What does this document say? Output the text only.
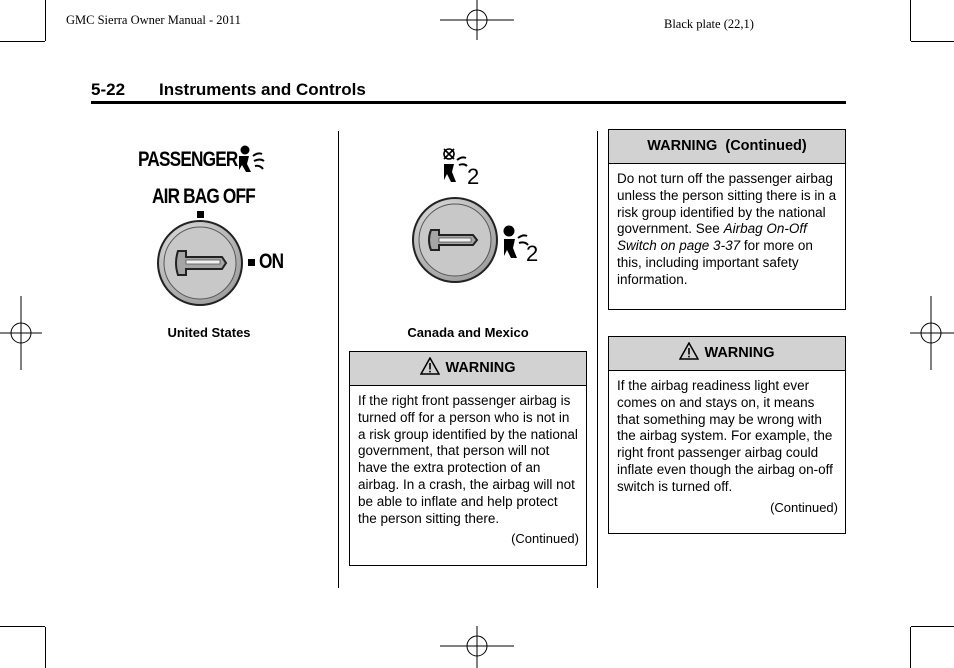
GMC Sierra Owner Manual - 2011	Black plate (22,1)
5-22 Instruments and Controls
PASSENGER
AIR BAG OFF
ON
United States
2
2
Canada and Mexico
WARNING
If the right front passenger airbag is turned off for a person who is not in a risk group identified by the national government, that person will not have the extra protection of an airbag. In a crash, the airbag will not be able to inflate and help protect the person sitting there.
(Continued)
WARNING  (Continued)
Do not turn off the passenger airbag unless the person sitting there is in a risk group identified by the national government. See Airbag On-Off Switch on page 3-37 for more on this, including important safety information.
WARNING
If the airbag readiness light ever comes on and stays on, it means that something may be wrong with the airbag system. For example, the right front passenger airbag could inflate even though the airbag on-off switch is turned off.
(Continued)
